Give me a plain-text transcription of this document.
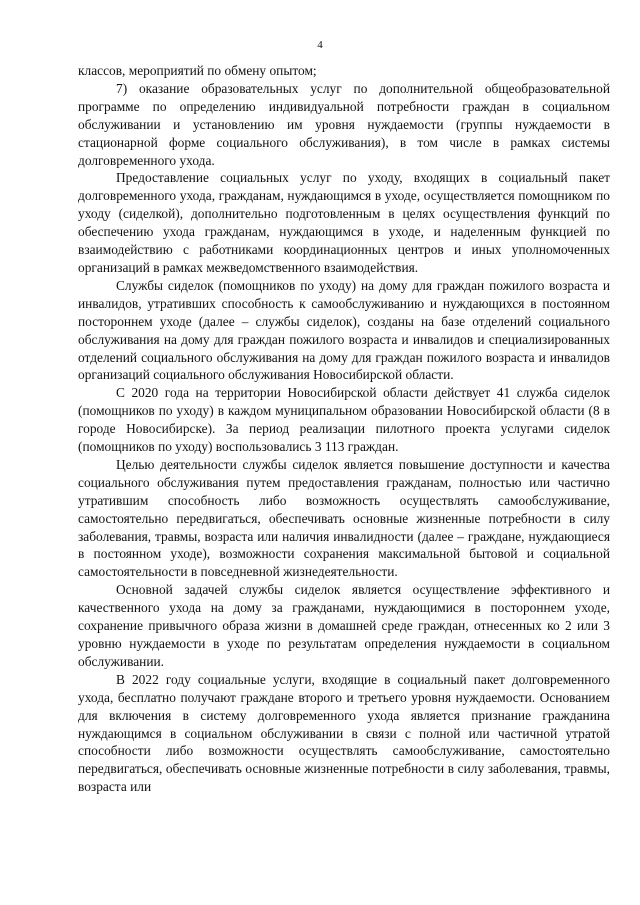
4

классов, мероприятий по обмену опытом;

7) оказание образовательных услуг по дополнительной общеобразовательной программе по определению индивидуальной потребности граждан в социальном обслуживании и установлению им уровня нуждаемости (группы нуждаемости в стационарной форме социального обслуживания), в том числе в рамках системы долговременного ухода.

Предоставление социальных услуг по уходу, входящих в социальный пакет долговременного ухода, гражданам, нуждающимся в уходе, осуществляется помощником по уходу (сиделкой), дополнительно подготовленным в целях осуществления функций по обеспечению ухода гражданам, нуждающимся в уходе, и наделенным функцией по взаимодействию с работниками координационных центров и иных уполномоченных организаций в рамках межведомственного взаимодействия.

Службы сиделок (помощников по уходу) на дому для граждан пожилого возраста и инвалидов, утративших способность к самообслуживанию и нуждающихся в постоянном постороннем уходе (далее – службы сиделок), созданы на базе отделений социального обслуживания на дому для граждан пожилого возраста и инвалидов и специализированных отделений социального обслуживания на дому для граждан пожилого возраста и инвалидов организаций социального обслуживания Новосибирской области.

С 2020 года на территории Новосибирской области действует 41 служба сиделок (помощников по уходу) в каждом муниципальном образовании Новосибирской области (8 в городе Новосибирске). За период реализации пилотного проекта услугами сиделок (помощников по уходу) воспользовались 3 113 граждан.

Целью деятельности службы сиделок является повышение доступности и качества социального обслуживания путем предоставления гражданам, полностью или частично утратившим способность либо возможность осуществлять самообслуживание, самостоятельно передвигаться, обеспечивать основные жизненные потребности в силу заболевания, травмы, возраста или наличия инвалидности (далее – граждане, нуждающиеся в постоянном уходе), возможности сохранения максимальной бытовой и социальной самостоятельности в повседневной жизнедеятельности.

Основной задачей службы сиделок является осуществление эффективного и качественного ухода на дому за гражданами, нуждающимися в постороннем уходе, сохранение привычного образа жизни в домашней среде граждан, отнесенных ко 2 или 3 уровню нуждаемости в уходе по результатам определения нуждаемости в социальном обслуживании.

В 2022 году социальные услуги, входящие в социальный пакет долговременного ухода, бесплатно получают граждане второго и третьего уровня нуждаемости. Основанием для включения в систему долговременного ухода является признание гражданина нуждающимся в социальном обслуживании в связи с полной или частичной утратой способности либо возможности осуществлять самообслуживание, самостоятельно передвигаться, обеспечивать основные жизненные потребности в силу заболевания, травмы, возраста или
